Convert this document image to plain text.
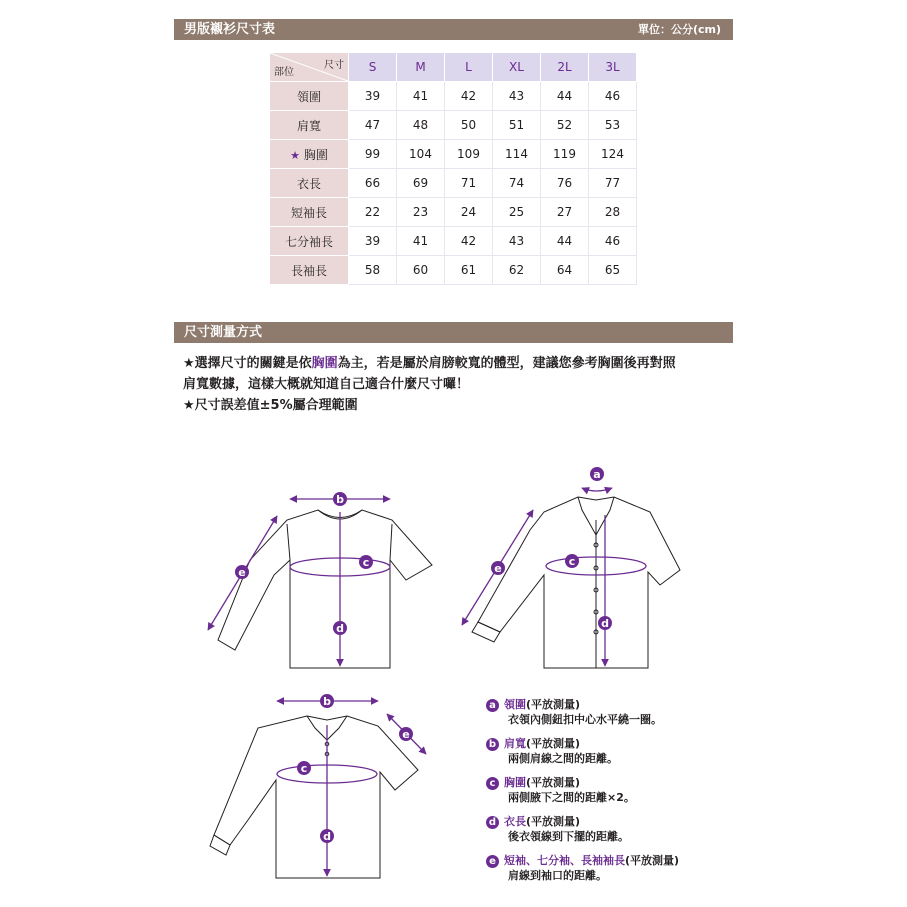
男版襯衫尺寸表	單位：公分(cm)
尺寸
部位	S	M	L	XL	2L	3L
領圍	39	41	42	43	44	46
肩寬	47	48	50	51	52	53
★ 胸圍	99	104	109	114	119	124
衣長	66	69	71	74	76	77
短袖長	22	23	24	25	27	28
七分袖長	39	41	42	43	44	46
長袖長	58	60	61	62	64	65
尺寸測量方式
★選擇尺寸的關鍵是依胸圍為主，若是屬於肩膀較寬的體型，建議您參考胸圍後再對照
肩寬數據，這樣大概就知道自己適合什麼尺寸囉！
★尺寸誤差值±5%屬合理範圍
b
c
d
e
a
c
d
e
b
c
d
e
a 領圍(平放測量)
衣領內側鈕扣中心水平繞一圈。
b 肩寬(平放測量)
兩側肩線之間的距離。
c 胸圍(平放測量)
兩側腋下之間的距離×2。
d 衣長(平放測量)
後衣領線到下擺的距離。
e 短袖、七分袖、長袖袖長(平放測量)
肩線到袖口的距離。
